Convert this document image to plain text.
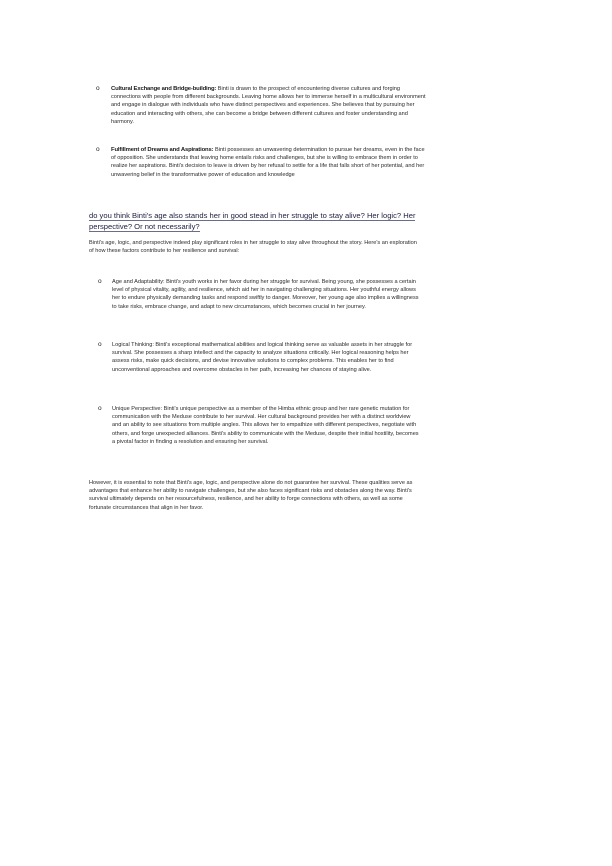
o Cultural Exchange and Bridge-building: Binti is drawn to the prospect of encountering diverse cultures and forging connections with people from different backgrounds. Leaving home allows her to immerse herself in a multicultural environment and engage in dialogue with individuals who have distinct perspectives and experiences. She believes that by pursuing her education and interacting with others, she can become a bridge between different cultures and foster understanding and harmony.
o Fulfillment of Dreams and Aspirations: Binti possesses an unwavering determination to pursue her dreams, even in the face of opposition. She understands that leaving home entails risks and challenges, but she is willing to embrace them in order to realize her aspirations. Binti's decision to leave is driven by her refusal to settle for a life that falls short of her potential, and her unwavering belief in the transformative power of education and knowledge
do you think Binti's age also stands her in good stead in her struggle to stay alive? Her logic? Her perspective? Or not necessarily?
Binti's age, logic, and perspective indeed play significant roles in her struggle to stay alive throughout the story. Here's an exploration of how these factors contribute to her resilience and survival:
o Age and Adaptability: Binti's youth works in her favor during her struggle for survival. Being young, she possesses a certain level of physical vitality, agility, and resilience, which aid her in navigating challenging situations. Her youthful energy allows her to endure physically demanding tasks and respond swiftly to danger. Moreover, her young age also implies a willingness to take risks, embrace change, and adapt to new circumstances, which becomes crucial in her journey.
o Logical Thinking: Binti's exceptional mathematical abilities and logical thinking serve as valuable assets in her struggle for survival. She possesses a sharp intellect and the capacity to analyze situations critically. Her logical reasoning helps her assess risks, make quick decisions, and devise innovative solutions to complex problems. This enables her to find unconventional approaches and overcome obstacles in her path, increasing her chances of staying alive.
o Unique Perspective: Binti's unique perspective as a member of the Himba ethnic group and her rare genetic mutation for communication with the Meduse contribute to her survival. Her cultural background provides her with a distinct worldview and an ability to see situations from multiple angles. This allows her to empathize with different perspectives, negotiate with others, and forge unexpected alliances. Binti's ability to communicate with the Meduse, despite their initial hostility, becomes a pivotal factor in finding a resolution and ensuring her survival.
However, it is essential to note that Binti's age, logic, and perspective alone do not guarantee her survival. These qualities serve as advantages that enhance her ability to navigate challenges, but she also faces significant risks and obstacles along the way. Binti's survival ultimately depends on her resourcefulness, resilience, and her ability to forge connections with others, as well as some fortunate circumstances that align in her favor.
